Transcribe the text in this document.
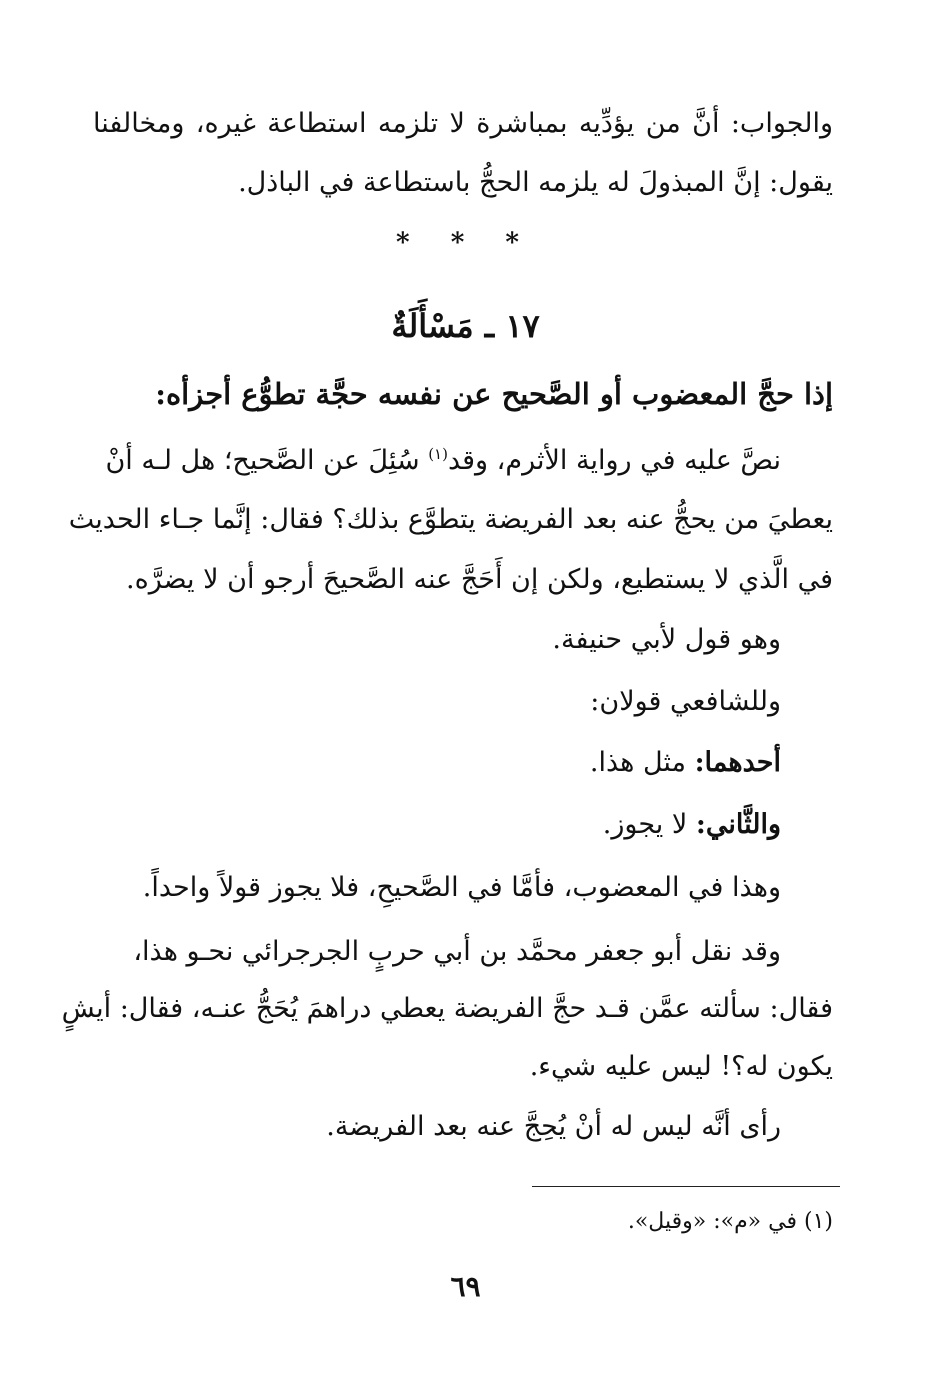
والجواب: أنَّ من يؤدِّيه بمباشرة لا تلزمه استطاعة غيره، ومخالفنا
يقول: إنَّ المبذولَ له يلزمه الحجُّ باستطاعة في الباذل.
* * *
١٧ ـ مَسْأَلَةٌ
إذا حجَّ المعضوب أو الصَّحيح عن نفسه حجَّة تطوُّع أجزأه:
نصَّ عليه في رواية الأثرم، وقد$^{(١)}$ سُئِلَ عن الصَّحيح؛ هل لـه أنْ
يعطيَ من يحجُّ عنه بعد الفريضة يتطوَّع بذلك؟ فقال: إنَّما جـاء الحديث
في الَّذي لا يستطيع، ولكن إن أَحَجَّ عنه الصَّحيحَ أرجو أن لا يضرَّه.
وهو قول لأبي حنيفة.
وللشافعي قولان:
أحدهما: مثل هذا.
والثَّاني: لا يجوز.
وهذا في المعضوب، فأمَّا في الصَّحيحِ، فلا يجوز قولاً واحداً.
وقد نقل أبو جعفر محمَّد بن أبي حربٍ الجرجرائي نحـو هذا،
فقال: سألته عمَّن قـد حجَّ الفريضة يعطي دراهمَ يُحَجُّ عنـه، فقال: أيشٍ
يكون له؟! ليس عليه شيء.
رأى أنَّه ليس له أنْ يُحِجَّ عنه بعد الفريضة.
(١) في «م»: «وقيل».
٦٩
